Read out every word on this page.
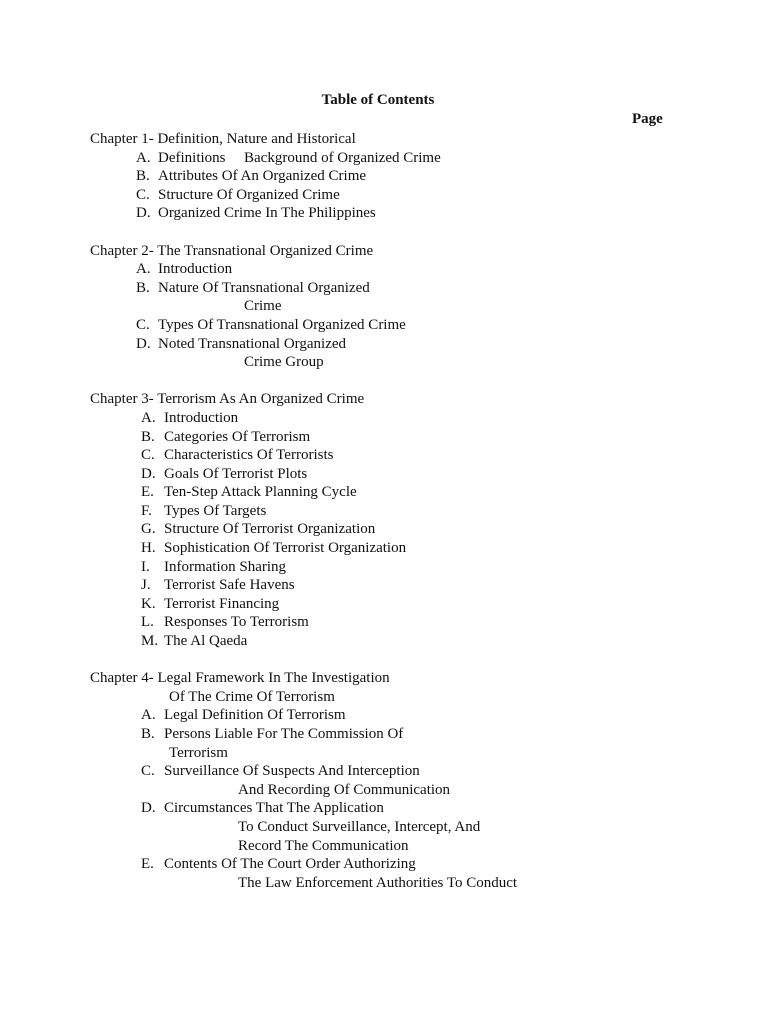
Table of Contents
Page
Chapter 1- Definition, Nature and Historical
Background of Organized Crime
A. Definitions
B. Attributes Of An Organized Crime
C. Structure Of Organized Crime
D. Organized Crime In The Philippines
Chapter 2- The Transnational Organized Crime
A. Introduction
B. Nature Of Transnational Organized
Crime
C. Types Of Transnational Organized Crime
D. Noted Transnational Organized
Crime Group
Chapter 3- Terrorism As An Organized Crime
A. Introduction
B. Categories Of Terrorism
C. Characteristics Of Terrorists
D. Goals Of Terrorist Plots
E. Ten-Step Attack Planning Cycle
F. Types Of Targets
G. Structure Of Terrorist Organization
H. Sophistication Of Terrorist Organization
I. Information Sharing
J. Terrorist Safe Havens
K. Terrorist Financing
L. Responses To Terrorism
M. The Al Qaeda
Chapter 4- Legal Framework In The Investigation
Of The Crime Of Terrorism
A. Legal Definition Of Terrorism
B. Persons Liable For The Commission Of
Terrorism
C. Surveillance Of Suspects And Interception
And Recording Of Communication
D. Circumstances That The Application
To Conduct Surveillance, Intercept, And
Record The Communication
E. Contents Of The Court Order Authorizing
The Law Enforcement Authorities To Conduct
